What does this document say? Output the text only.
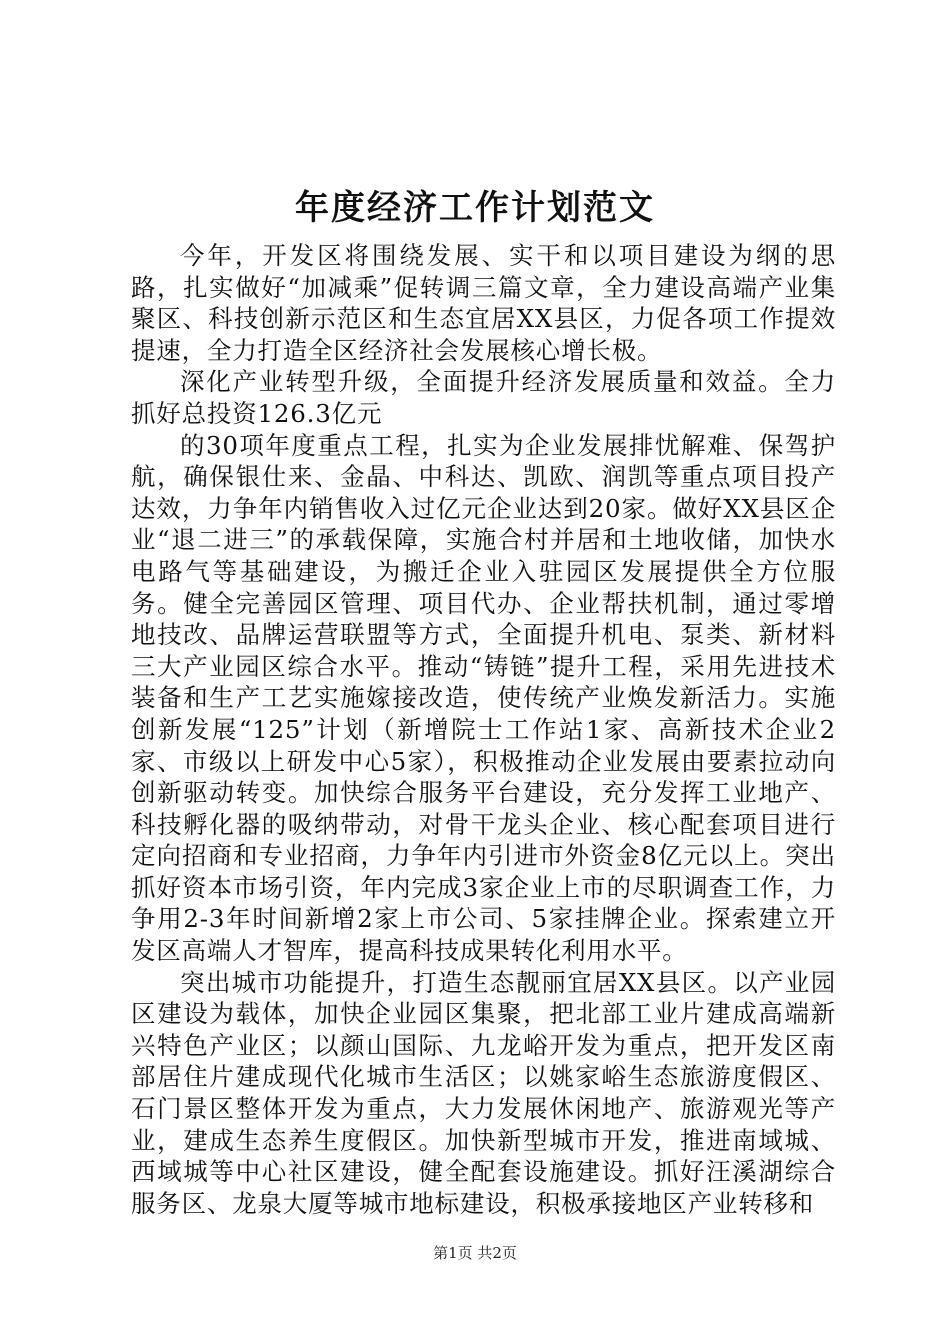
年度经济工作计划范文

今年，开发区将围绕发展、实干和以项目建设为纲的思路，扎实做好“加减乘”促转调三篇文章，全力建设高端产业集聚区、科技创新示范区和生态宜居XX县区，力促各项工作提效提速，全力打造全区经济社会发展核心增长极。

深化产业转型升级，全面提升经济发展质量和效益。全力抓好总投资126.3亿元

的30项年度重点工程，扎实为企业发展排忧解难、保驾护航，确保银仕来、金晶、中科达、凯欧、润凯等重点项目投产达效，力争年内销售收入过亿元企业达到20家。做好XX县区企业“退二进三”的承载保障，实施合村并居和土地收储，加快水电路气等基础建设，为搬迁企业入驻园区发展提供全方位服务。健全完善园区管理、项目代办、企业帮扶机制，通过零增地技改、品牌运营联盟等方式，全面提升机电、泵类、新材料三大产业园区综合水平。推动“铸链”提升工程，采用先进技术装备和生产工艺实施嫁接改造，使传统产业焕发新活力。实施创新发展“125”计划（新增院士工作站1家、高新技术企业2家、市级以上研发中心5家），积极推动企业发展由要素拉动向创新驱动转变。加快综合服务平台建设，充分发挥工业地产、科技孵化器的吸纳带动，对骨干龙头企业、核心配套项目进行定向招商和专业招商，力争年内引进市外资金8亿元以上。突出抓好资本市场引资，年内完成3家企业上市的尽职调查工作，力争用2-3年时间新增2家上市公司、5家挂牌企业。探索建立开发区高端人才智库，提高科技成果转化利用水平。

突出城市功能提升，打造生态靓丽宜居XX县区。以产业园区建设为载体，加快企业园区集聚，把北部工业片建成高端新兴特色产业区；以颜山国际、九龙峪开发为重点，把开发区南部居住片建成现代化城市生活区；以姚家峪生态旅游度假区、石门景区整体开发为重点，大力发展休闲地产、旅游观光等产业，建成生态养生度假区。加快新型城市开发，推进南域城、西域城等中心社区建设，健全配套设施建设。抓好汪溪湖综合服务区、龙泉大厦等城市地标建设，积极承接地区产业转移和

第1页 共2页
